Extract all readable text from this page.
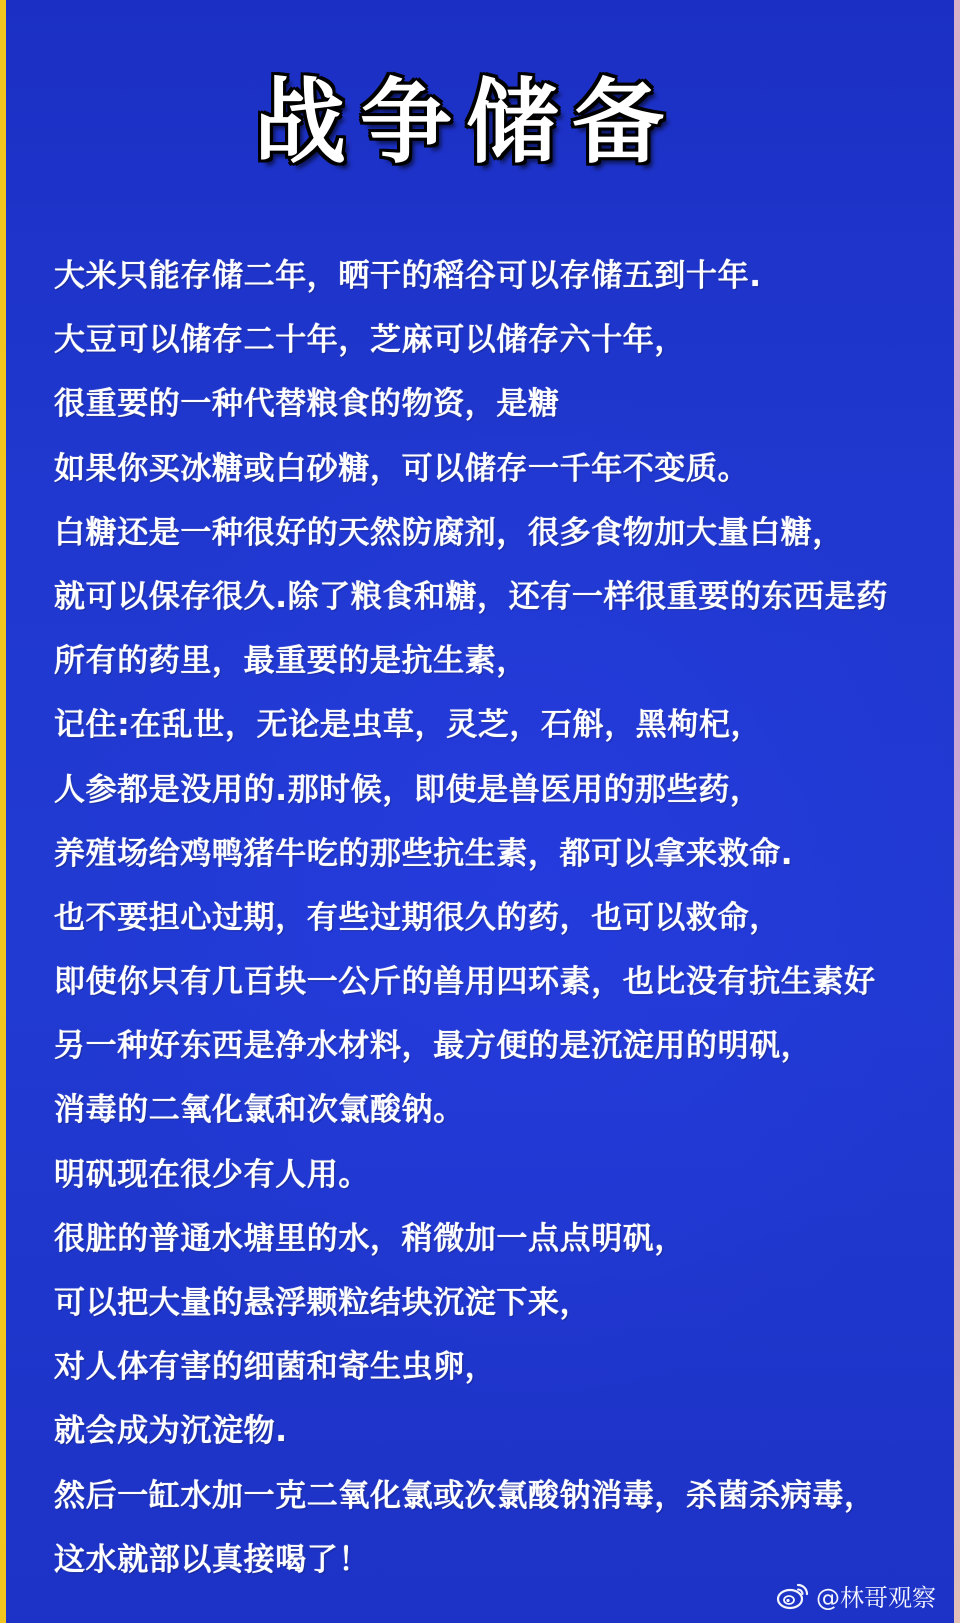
战争储备
大米只能存储二年，晒干的稻谷可以存储五到十年.
大豆可以储存二十年，芝麻可以储存六十年，
很重要的一种代替粮食的物资，是糖
如果你买冰糖或白砂糖，可以储存一千年不变质。
白糖还是一种很好的天然防腐剂，很多食物加大量白糖，
就可以保存很久.除了粮食和糖，还有一样很重要的东西是药
所有的药里，最重要的是抗生素，
记住:在乱世，无论是虫草，灵芝，石斛，黑枸杞，
人参都是没用的.那时候，即使是兽医用的那些药，
养殖场给鸡鸭猪牛吃的那些抗生素，都可以拿来救命.
也不要担心过期，有些过期很久的药，也可以救命，
即使你只有几百块一公斤的兽用四环素，也比没有抗生素好
另一种好东西是净水材料，最方便的是沉淀用的明矾，
消毒的二氧化氯和次氯酸钠。
明矾现在很少有人用。
很脏的普通水塘里的水，稍微加一点点明矾，
可以把大量的悬浮颗粒结块沉淀下来，
对人体有害的细菌和寄生虫卵，
就会成为沉淀物.
然后一缸水加一克二氧化氯或次氯酸钠消毒，杀菌杀病毒，
这水就部以真接喝了！
@林哥观察
